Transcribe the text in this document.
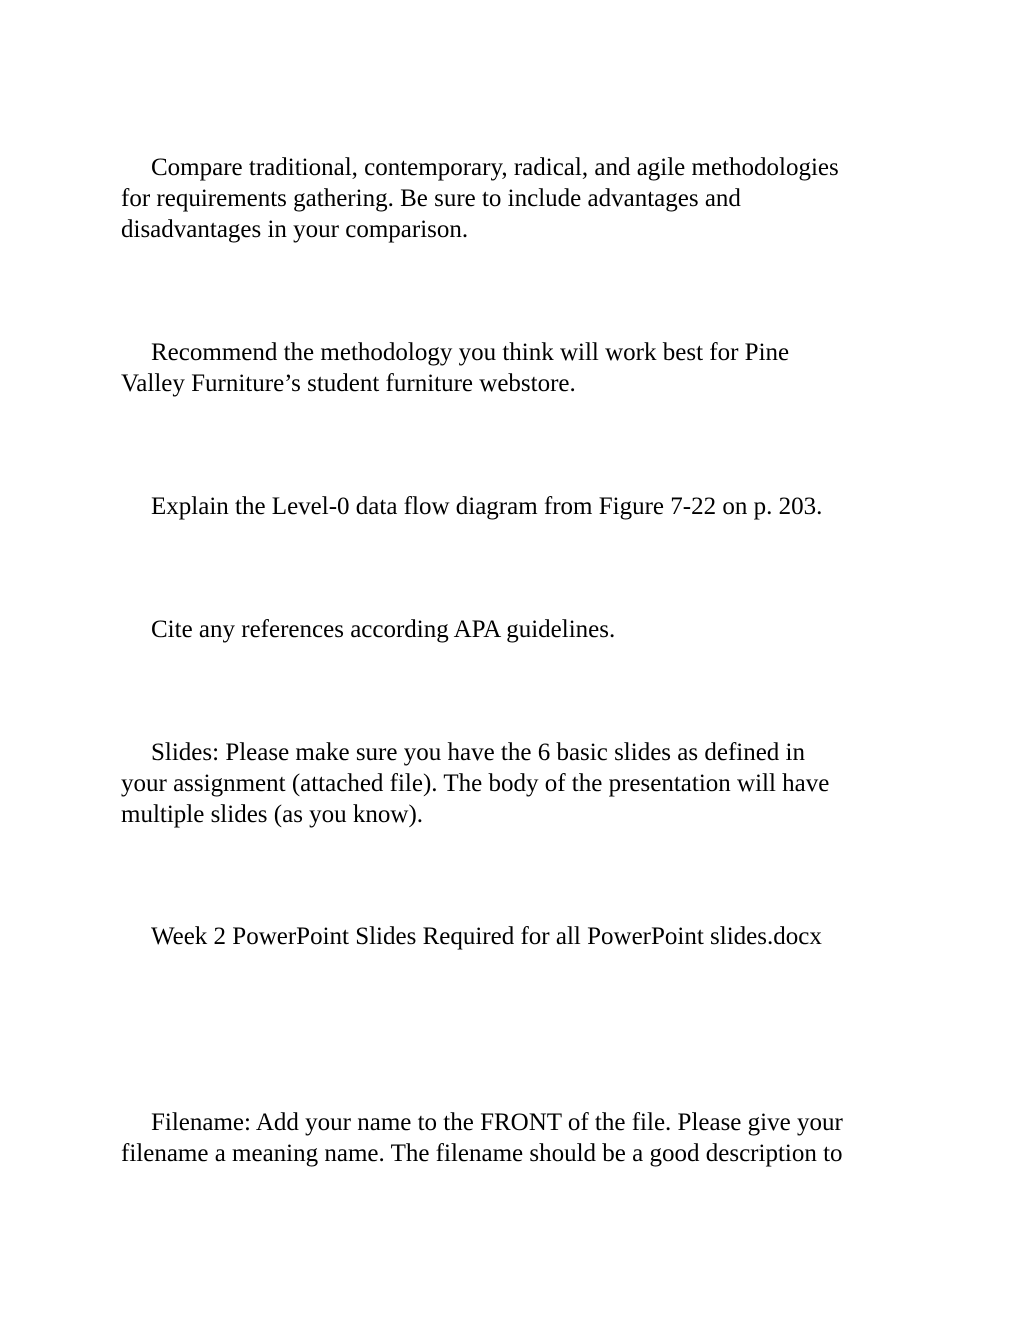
Compare traditional, contemporary, radical, and agile methodologies
for requirements gathering. Be sure to include advantages and
disadvantages in your comparison.

Recommend the methodology you think will work best for Pine
Valley Furniture’s student furniture webstore.

Explain the Level-0 data flow diagram from Figure 7-22 on p. 203.

Cite any references according APA guidelines.

Slides: Please make sure you have the 6 basic slides as defined in
your assignment (attached file). The body of the presentation will have
multiple slides (as you know).

Week 2 PowerPoint Slides Required for all PowerPoint slides.docx

Filename: Add your name to the FRONT of the file. Please give your
filename a meaning name. The filename should be a good description to
